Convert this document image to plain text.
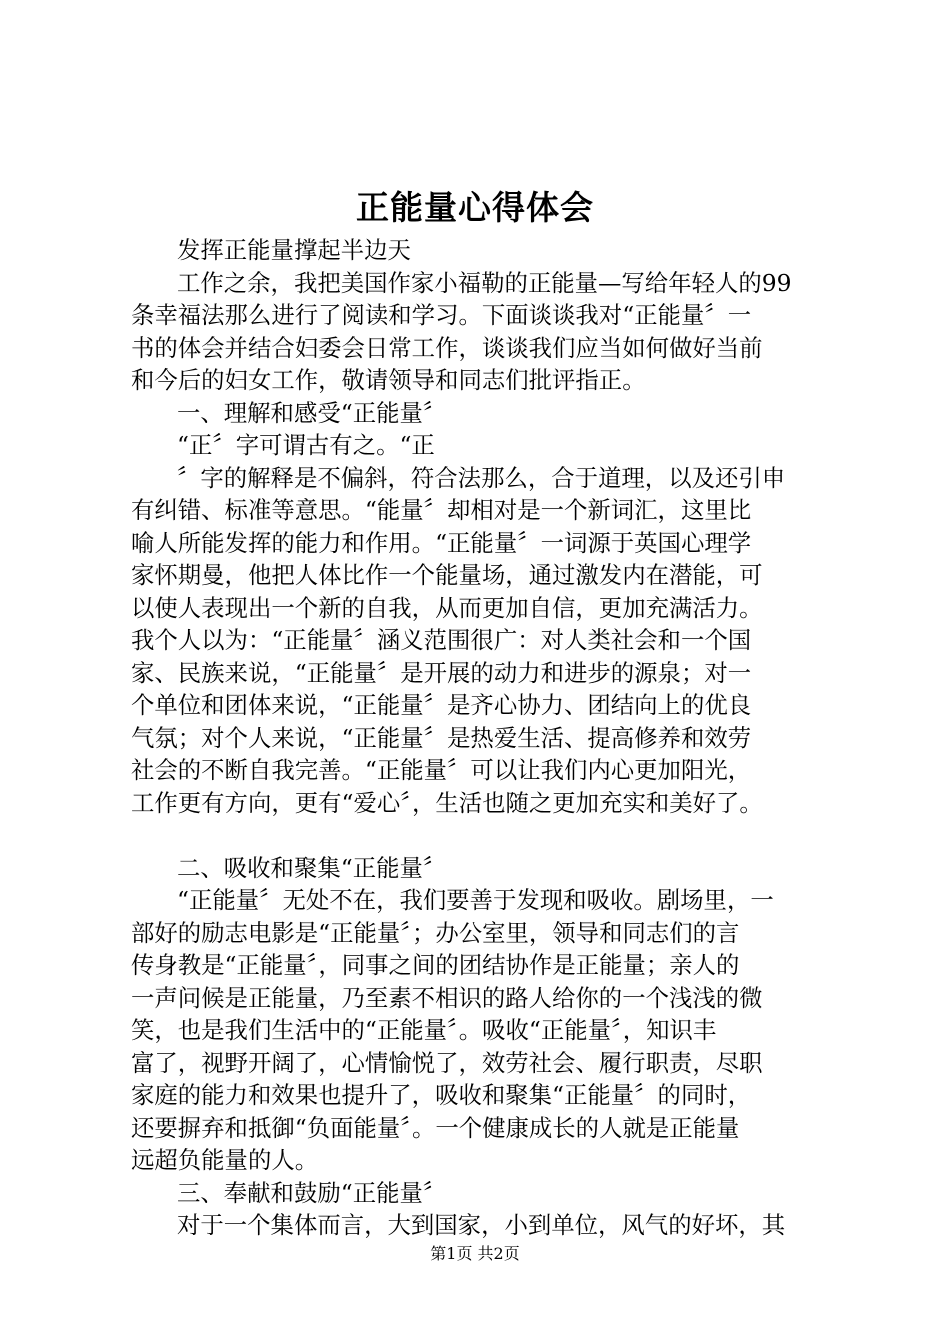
正能量心得体会
发挥正能量撑起半边天
工作之余，我把美国作家小福勒的正能量—写给年轻人的99
条幸福法那么进行了阅读和学习。下面谈谈我对“正能量〞一
书的体会并结合妇委会日常工作，谈谈我们应当如何做好当前
和今后的妇女工作，敬请领导和同志们批评指正。
一、理解和感受“正能量〞
“正〞字可谓古有之。“正
〞字的解释是不偏斜，符合法那么，合于道理，以及还引申
有纠错、标准等意思。“能量〞却相对是一个新词汇，这里比
喻人所能发挥的能力和作用。“正能量〞一词源于英国心理学
家怀期曼，他把人体比作一个能量场，通过激发内在潜能，可
以使人表现出一个新的自我，从而更加自信，更加充满活力。
我个人以为：“正能量〞涵义范围很广：对人类社会和一个国
家、民族来说，“正能量〞是开展的动力和进步的源泉；对一
个单位和团体来说，“正能量〞是齐心协力、团结向上的优良
气氛；对个人来说，“正能量〞是热爱生活、提高修养和效劳
社会的不断自我完善。“正能量〞可以让我们内心更加阳光，
工作更有方向，更有“爱心〞，生活也随之更加充实和美好了。
二、吸收和聚集“正能量〞
“正能量〞无处不在，我们要善于发现和吸收。剧场里，一
部好的励志电影是“正能量〞；办公室里，领导和同志们的言
传身教是“正能量〞，同事之间的团结协作是正能量；亲人的
一声问候是正能量，乃至素不相识的路人给你的一个浅浅的微
笑，也是我们生活中的“正能量〞。吸收“正能量〞，知识丰
富了，视野开阔了，心情愉悦了，效劳社会、履行职责，尽职
家庭的能力和效果也提升了，吸收和聚集“正能量〞的同时，
还要摒弃和抵御“负面能量〞。一个健康成长的人就是正能量
远超负能量的人。
三、奉献和鼓励“正能量〞
对于一个集体而言，大到国家，小到单位，风气的好坏，其
第1页 共2页
